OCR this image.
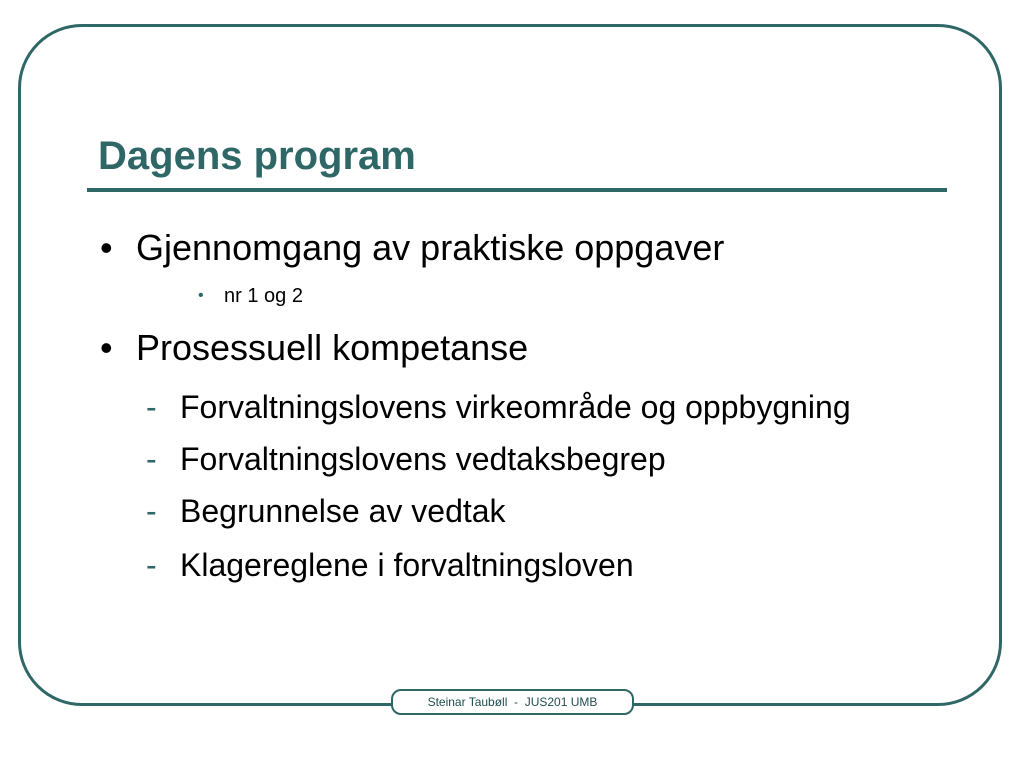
Dagens program
• Gjennomgang av praktiske oppgaver
• nr 1 og 2
• Prosessuell kompetanse
- Forvaltningslovens virkeområde og oppbygning
- Forvaltningslovens vedtaksbegrep
- Begrunnelse av vedtak
- Klagereglene i forvaltningsloven
Steinar Taubøll  -  JUS201 UMB
